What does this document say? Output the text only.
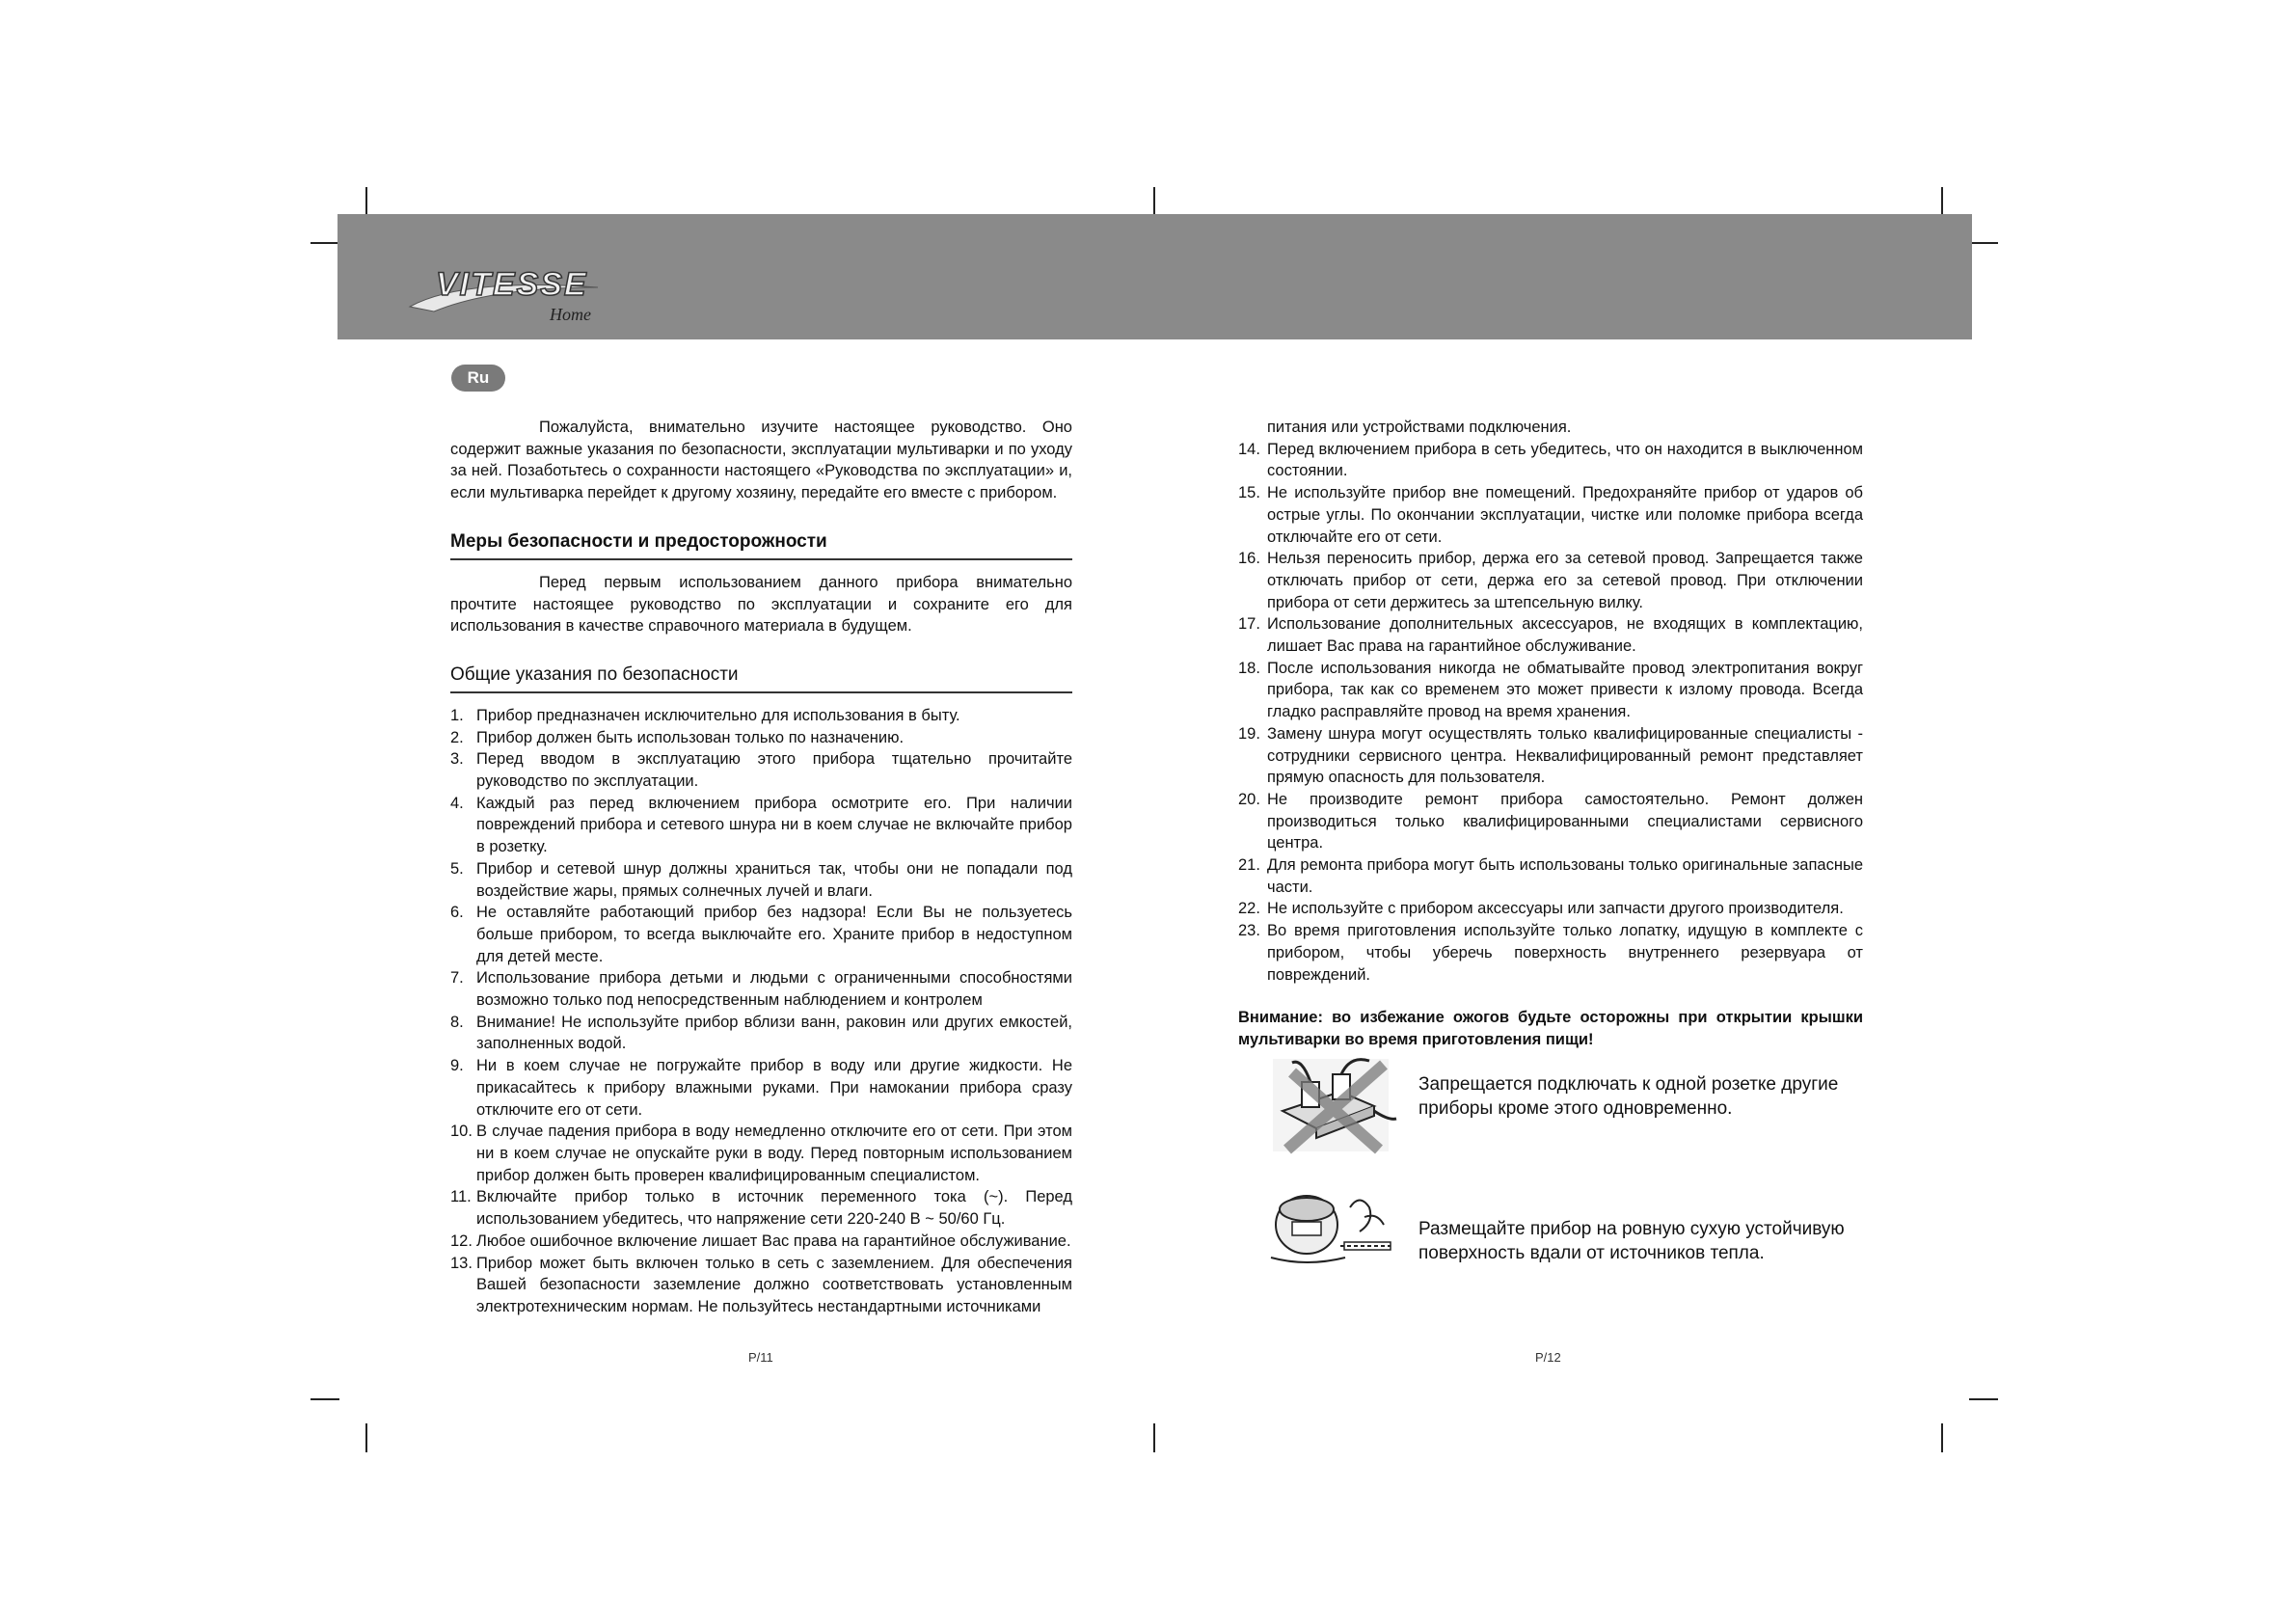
VITESSE
Home
Ru

Пожалуйста, внимательно изучите настоящее руководство. Оно содержит важные указания по безопасности, эксплуатации мультиварки и по уходу за ней. Позаботьтесь о сохранности настоящего «Руководства по эксплуатации» и, если мультиварка перейдет к другому хозяину, передайте его вместе с прибором.

Меры безопасности и предосторожности

Перед первым использованием данного прибора внимательно прочтите настоящее руководство по эксплуатации и сохраните его для использования в качестве справочного материала в будущем.

Общие указания по безопасности
1. Прибор предназначен исключительно для использования в быту.
2. Прибор должен быть использован только по назначению.
3. Перед вводом в эксплуатацию этого прибора тщательно прочитайте руководство по эксплуатации.
4. Каждый раз перед включением прибора осмотрите его. При наличии повреждений прибора и сетевого шнура ни в коем случае не включайте прибор в розетку.
5. Прибор и сетевой шнур должны храниться так, чтобы они не попадали под воздействие жары, прямых солнечных лучей и влаги.
6. Не оставляйте работающий прибор без надзора! Если Вы не пользуетесь больше прибором, то всегда выключайте его. Храните прибор в недоступном для детей месте.
7. Использование прибора детьми и людьми с ограниченными способностями возможно только под непосредственным наблюдением и контролем
8. Внимание! Не используйте прибор вблизи ванн, раковин или других емкостей, заполненных водой.
9. Ни в коем случае не погружайте прибор в воду или другие жидкости. Не прикасайтесь к прибору влажными руками. При намокании прибора сразу отключите его от сети.
10. В случае падения прибора в воду немедленно отключите его от сети. При этом ни в коем случае не опускайте руки в воду. Перед повторным использованием прибор должен быть проверен квалифицированным специалистом.
11. Включайте прибор только в источник переменного тока (~). Перед использованием убедитесь, что напряжение сети 220-240 В ~ 50/60 Гц.
12. Любое ошибочное включение лишает Вас права на гарантийное обслуживание.
13. Прибор может быть включен только в сеть с заземлением. Для обеспечения Вашей безопасности заземление должно соответствовать установленным электротехническим нормам. Не пользуйтесь нестандартными источниками
P/11

питания или устройствами подключения.

14. Перед включением прибора в сеть убедитесь, что он находится в выключенном состоянии.
15. Не используйте прибор вне помещений. Предохраняйте прибор от ударов об острые углы. По окончании эксплуатации, чистке или поломке прибора всегда отключайте его от сети.
16. Нельзя переносить прибор, держа его за сетевой провод. Запрещается также отключать прибор от сети, держа его за сетевой провод. При отключении прибора от сети держитесь за штепсельную вилку.
17. Использование дополнительных аксессуаров, не входящих в комплектацию, лишает Вас права на гарантийное обслуживание.
18. После использования никогда не обматывайте провод электропитания вокруг прибора, так как со временем это может привести к излому провода. Всегда гладко расправляйте провод на время хранения.
19. Замену шнура могут осуществлять только квалифицированные специалисты - сотрудники сервисного центра. Неквалифицированный ремонт представляет прямую опасность для пользователя.
20. Не производите ремонт прибора самостоятельно. Ремонт должен производиться только квалифицированными специалистами сервисного центра.
21. Для ремонта прибора могут быть использованы только оригинальные запасные части.
22. Не используйте с прибором аксессуары или запчасти другого производителя.
23. Во время приготовления используйте только лопатку, идущую в комплекте с прибором, чтобы уберечь поверхность внутреннего резервуара от повреждений.

Внимание: во избежание ожогов будьте осторожны при открытии крышки мультиварки во время приготовления пищи!

Запрещается подключать к одной розетке другие приборы кроме этого одновременно.
Размещайте прибор на ровную сухую устойчивую поверхность вдали от источников тепла.
P/12
